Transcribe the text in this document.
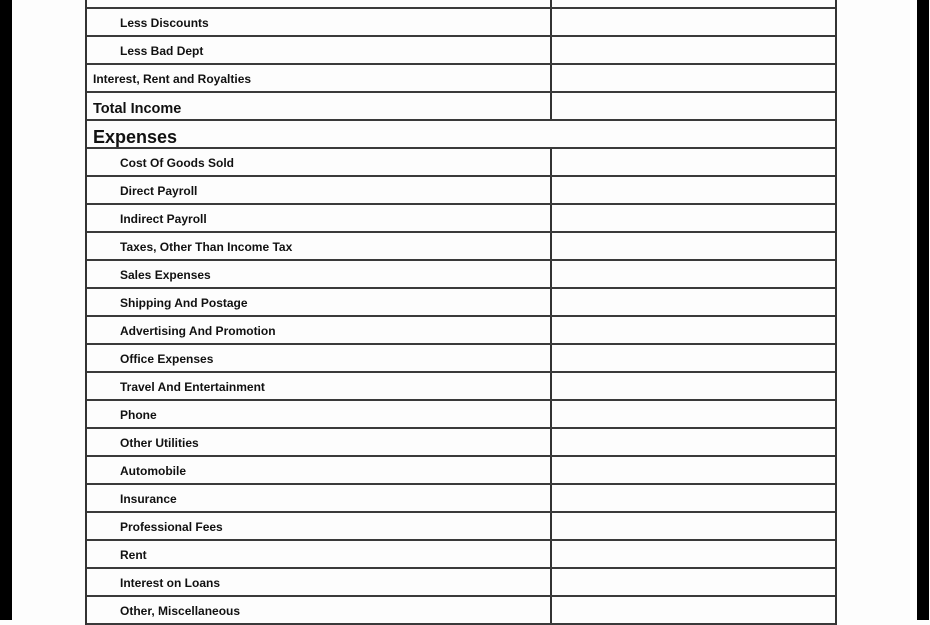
Less Discounts
Less Bad Dept
Interest, Rent and Royalties
Total Income
Expenses
Cost Of Goods Sold
Direct Payroll
Indirect Payroll
Taxes, Other Than Income Tax
Sales Expenses
Shipping And Postage
Advertising And Promotion
Office Expenses
Travel And Entertainment
Phone
Other Utilities
Automobile
Insurance
Professional Fees
Rent
Interest on Loans
Other, Miscellaneous
